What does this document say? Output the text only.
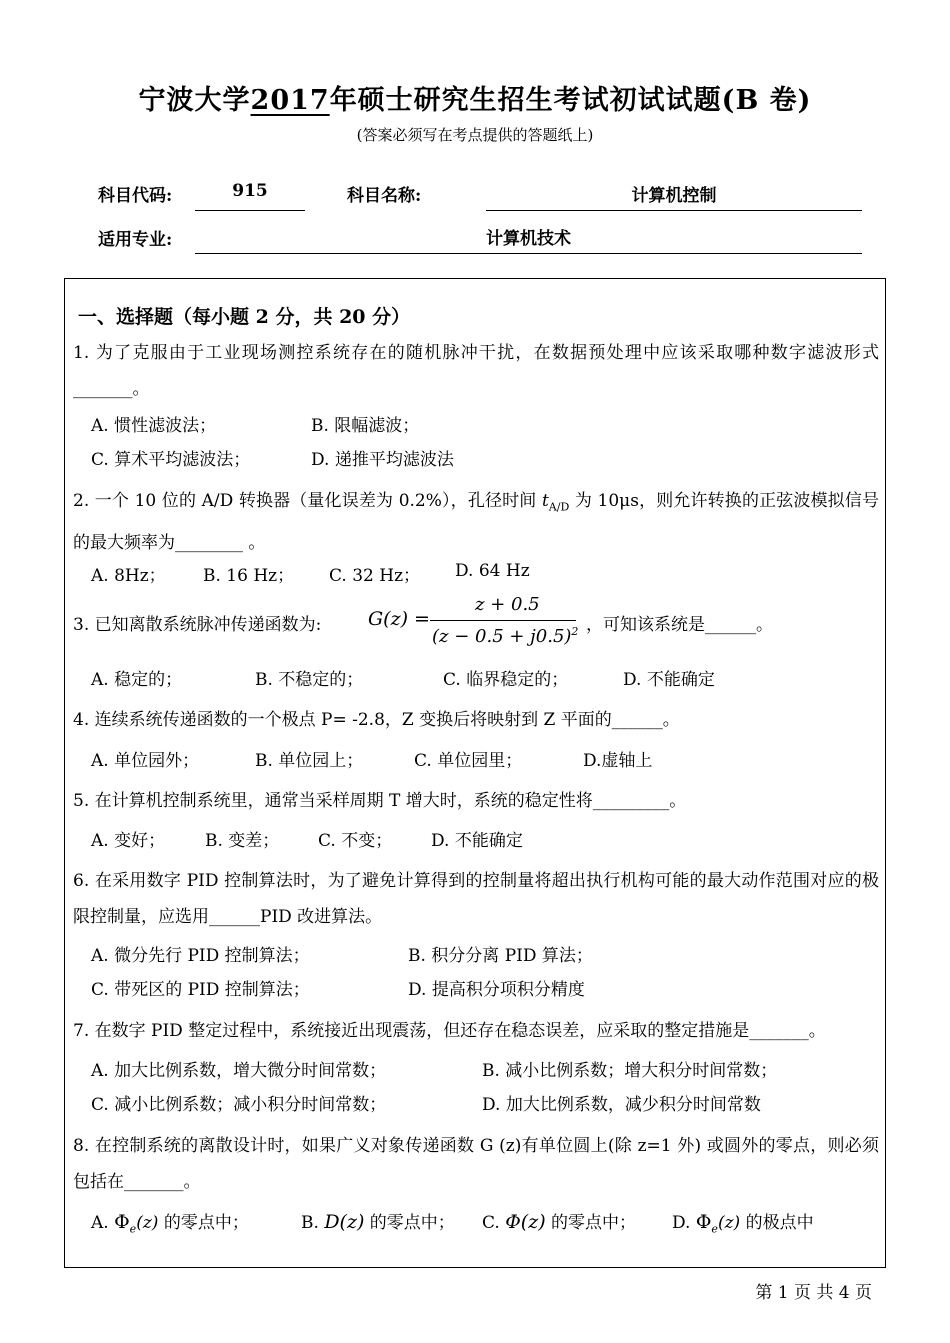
宁波大学2017年硕士研究生招生考试初试试题(B 卷)
(答案必须写在考点提供的答题纸上)
科目代码:	915	科目名称:	计算机控制
适用专业:	计算机技术
一、选择题（每小题 2 分，共 20 分）
1. 为了克服由于工业现场测控系统存在的随机脉冲干扰，在数据预处理中应该采取哪种数字滤波形式_______。
A. 惯性滤波法；	B. 限幅滤波；
C. 算术平均滤波法；	D. 递推平均滤波法
2. 一个 10 位的 A/D 转换器（量化误差为 0.2%），孔径时间 $t_{A/D}$ 为 10μs，则允许转换的正弦波模拟信号的最大频率为________ 。
A. 8Hz； B. 16 Hz； C. 32 Hz； D. 64 Hz
3. 已知离散系统脉冲传递函数为: G(z) =
z + 0.5
$(z - 0.5 + j0.5)^2$ ，可知该系统是______。
A. 稳定的；	B. 不稳定的；	C. 临界稳定的；	D. 不能确定
4. 连续系统传递函数的一个极点 P= -2.8，Z 变换后将映射到 Z 平面的______。
A. 单位园外；	B. 单位园上；	C. 单位园里；	D.虚轴上
5. 在计算机控制系统里，通常当采样周期 T 增大时，系统的稳定性将_________。
A. 变好； B. 变差； C. 不变； D. 不能确定
6. 在采用数字 PID 控制算法时，为了避免计算得到的控制量将超出执行机构可能的最大动作范围对应的极限控制量，应选用______PID 改进算法。
A. 微分先行 PID 控制算法；	B. 积分分离 PID 算法；
C. 带死区的 PID 控制算法；	D. 提高积分项积分精度
7. 在数字 PID 整定过程中，系统接近出现震荡，但还存在稳态误差，应采取的整定措施是_______。
A. 加大比例系数，增大微分时间常数；	B. 减小比例系数；增大积分时间常数；
C. 减小比例系数；减小积分时间常数；	D. 加大比例系数，减少积分时间常数
8. 在控制系统的离散设计时，如果广义对象传递函数 G (z)有单位圆上(除 z=1 外) 或圆外的零点，则必须包括在_______。
A. $\Phi_e(z)$ 的零点中；	B. D(z) 的零点中； C. Φ(z) 的零点中； D. $\Phi_e(z)$ 的极点中
第 1 页 共 4 页
